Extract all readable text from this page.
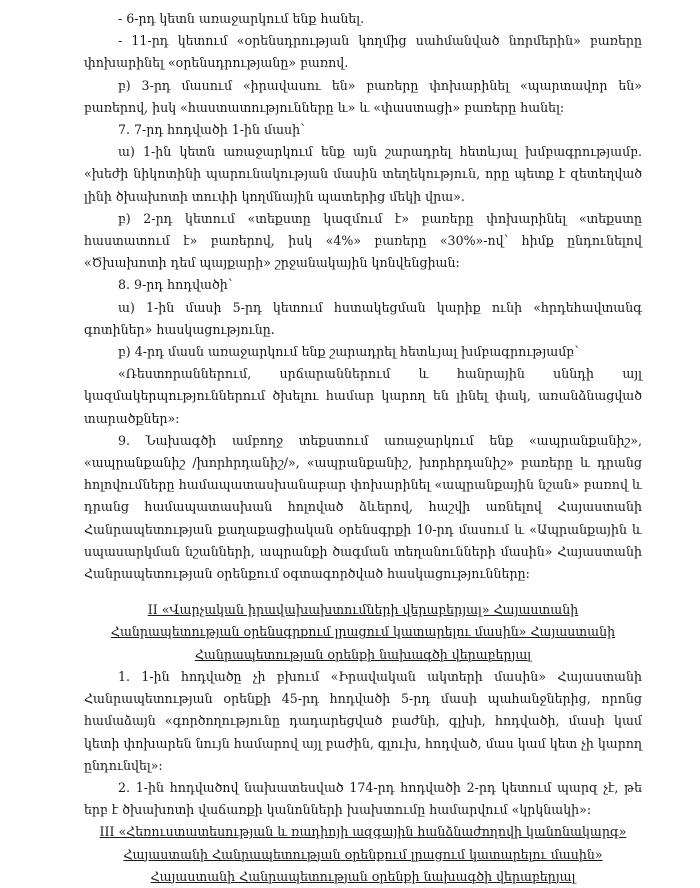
- 6-րդ կետն առաջարկում ենք հանել.

- 11-րդ կետում «օրենսդրության կողմից սահմանված նորմերին» բառերը փոխարինել «օրենսդրությանը» բառով.

բ) 3-րդ մասում «իրավասու են» բառերը փոխարինել «պարտավոր են» բառերով, իսկ «հաստատությունները և» և «փաստացի» բառերը հանել:

7. 7-րդ հոդվածի 1-ին մասի՝

ա) 1-ին կետն առաջարկում ենք այն շարադրել հետևյալ խմբագրությամբ. «խեժի նիկոտինի պարունակության մասին տեղեկություն, որը պետք է զետեղված լինի ծխախոտի տուփի կողմնային պատերից մեկի վրա».

բ) 2-րդ կետում «տեքստը կազմում է» բառերը փոխարինել «տեքստը հաստատում է» բառերով, իսկ «4%» բառերը «30%»-ով՝ հիմք ընդունելով «Ծխախոտի դեմ պայքարի» շրջանակային կոնվենցիան:

8. 9-րդ հոդվածի՝

ա) 1-ին մասի 5-րդ կետում հստակեցման կարիք ունի «հրդեհավտանգ գոտիներ» հասկացությունը.

բ) 4-րդ մասն առաջարկում ենք շարադրել հետևյալ խմբագրությամբ՝

«Ռեստորաններում, սրճարաններում և հանրային սննդի այլ կազմակերպություններում ծխելու համար կարող են լինել փակ, առանձնացված տարածքներ»:

9. Նախագծի ամբողջ տեքստում առաջարկում ենք «ապրանքանիշ», «ապրանքանիշ /խորհրդանիշ/», «ապրանքանիշ, խորհրդանիշ» բառերը և դրանց հոլովումները համապատասխանաբար փոխարինել «ապրանքային նշան» բառով և դրանց համապատասխան հոլոված ձևերով, հաշվի առնելով Հայաստանի Հանրապետության քաղաքացիական օրենսգրքի 10-րդ մասում և «Ապրանքային և սպասարկման նշանների, ապրանքի ծագման տեղանունների մասին» Հայաստանի Հանրապետության օրենքում օգտագործված հասկացությունները:

II «Վարչական իրավախախտումների վերաբերյալ» Հայաստանի Հանրապետության օրենսգրքում լրացում կատարելու մասին» Հայաստանի Հանրապետության օրենքի նախագծի վերաբերյալ

1. 1-ին հոդվածը չի բխում «Իրավական ակտերի մասին» Հայաստանի Հանրապետության օրենքի 45-րդ հոդվածի 5-րդ մասի պահանջներից, որոնց համաձայն «գործողությունը դադարեցված բաժնի, գլխի, հոդվածի, մասի կամ կետի փոխարեն նույն համարով այլ բաժին, գլուխ, հոդված, մաս կամ կետ չի կարող ընդունվել»:

2. 1-ին հոդվածով նախատեսված 174-րդ հոդվածի 2-րդ կետում պարզ չէ, թե երբ է ծխախոտի վաճառքի կանոնների խախտումը համարվում «կրկնակի»:

III «Հեռուստատեսության և ռադիոյի ազգային հանձնաժողովի կանոնակարգ» Հայաստանի Հանրապետության օրենքում լրացում կատարելու մասին» Հայաստանի Հանրապետության օրենքի նախագծի վերաբերյալ
